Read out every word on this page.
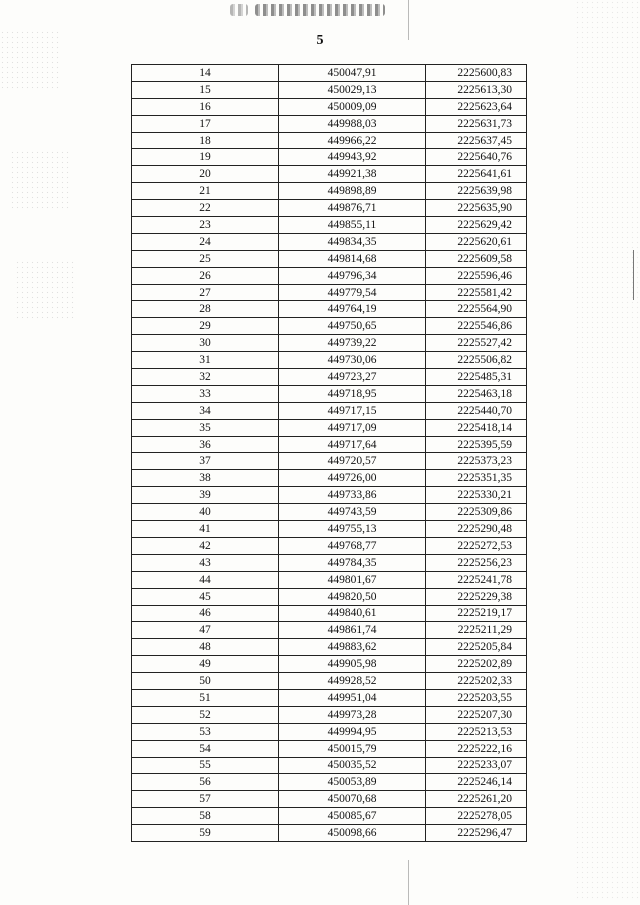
5
14	450047,91	2225600,83
15	450029,13	2225613,30
16	450009,09	2225623,64
17	449988,03	2225631,73
18	449966,22	2225637,45
19	449943,92	2225640,76
20	449921,38	2225641,61
21	449898,89	2225639,98
22	449876,71	2225635,90
23	449855,11	2225629,42
24	449834,35	2225620,61
25	449814,68	2225609,58
26	449796,34	2225596,46
27	449779,54	2225581,42
28	449764,19	2225564,90
29	449750,65	2225546,86
30	449739,22	2225527,42
31	449730,06	2225506,82
32	449723,27	2225485,31
33	449718,95	2225463,18
34	449717,15	2225440,70
35	449717,09	2225418,14
36	449717,64	2225395,59
37	449720,57	2225373,23
38	449726,00	2225351,35
39	449733,86	2225330,21
40	449743,59	2225309,86
41	449755,13	2225290,48
42	449768,77	2225272,53
43	449784,35	2225256,23
44	449801,67	2225241,78
45	449820,50	2225229,38
46	449840,61	2225219,17
47	449861,74	2225211,29
48	449883,62	2225205,84
49	449905,98	2225202,89
50	449928,52	2225202,33
51	449951,04	2225203,55
52	449973,28	2225207,30
53	449994,95	2225213,53
54	450015,79	2225222,16
55	450035,52	2225233,07
56	450053,89	2225246,14
57	450070,68	2225261,20
58	450085,67	2225278,05
59	450098,66	2225296,47
